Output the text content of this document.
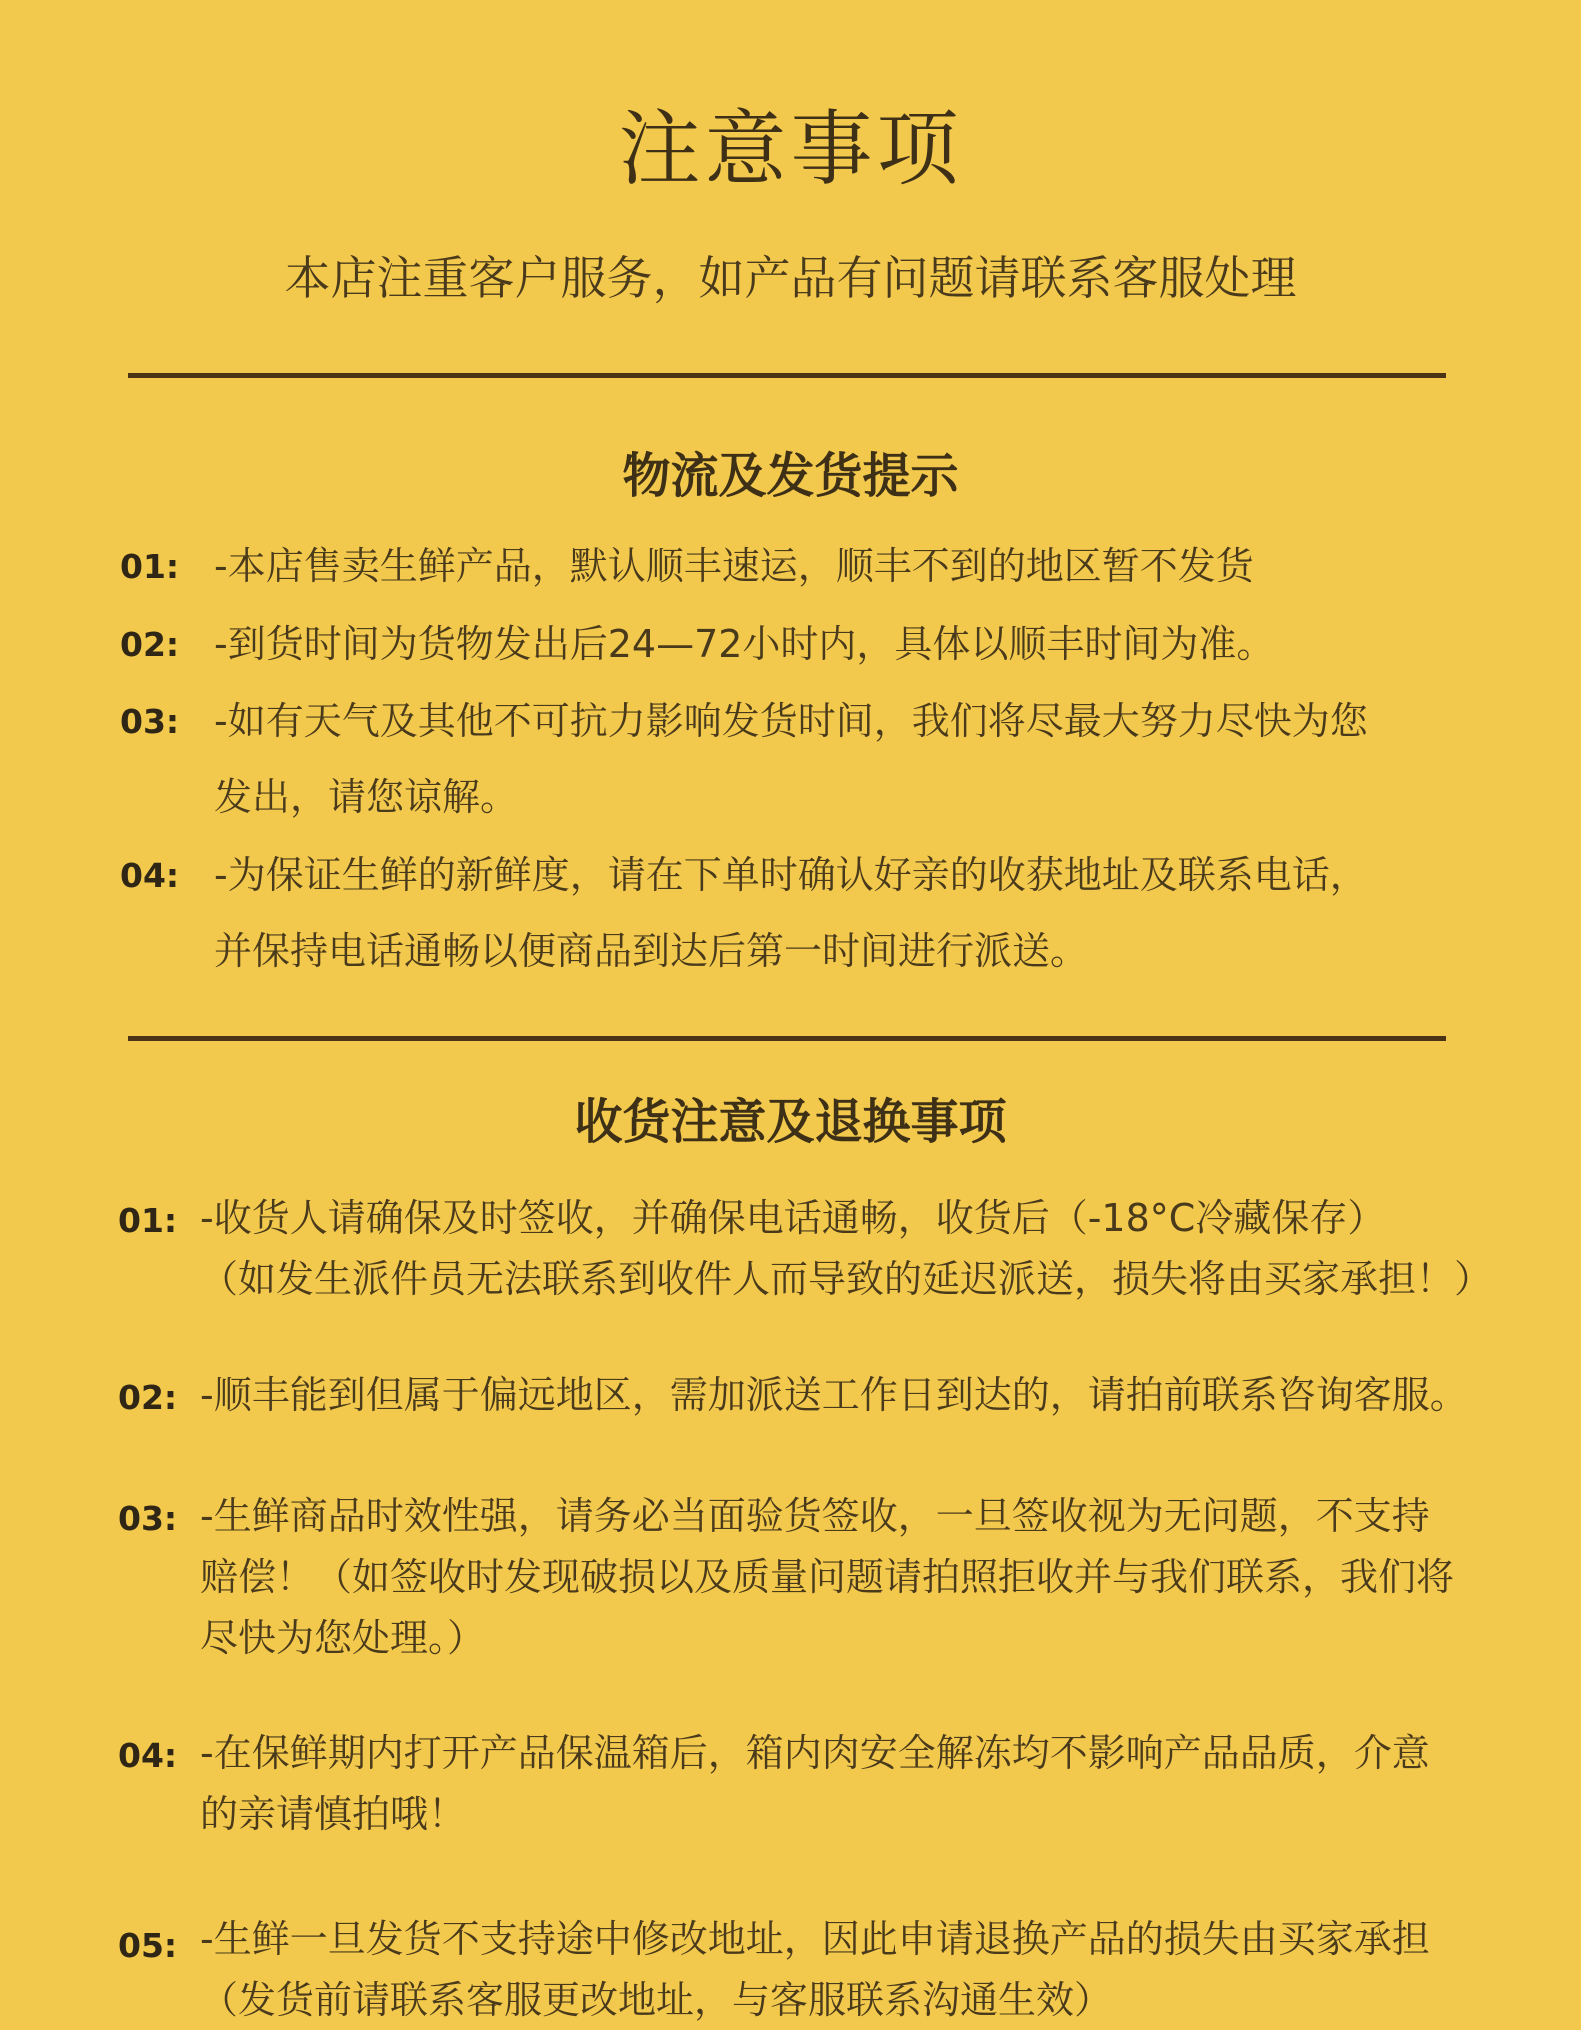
注意事项
本店注重客户服务，如产品有问题请联系客服处理
物流及发货提示
01: -本店售卖生鲜产品，默认顺丰速运，顺丰不到的地区暂不发货
02: -到货时间为货物发出后24—72小时内，具体以顺丰时间为准。
03: -如有天气及其他不可抗力影响发货时间，我们将尽最大努力尽快为您
发出，请您谅解。
04: -为保证生鲜的新鲜度，请在下单时确认好亲的收获地址及联系电话，
并保持电话通畅以便商品到达后第一时间进行派送。
收货注意及退换事项
01: -收货人请确保及时签收，并确保电话通畅，收货后（-18°C冷藏保存）
（如发生派件员无法联系到收件人而导致的延迟派送，损失将由买家承担！）
02: -顺丰能到但属于偏远地区，需加派送工作日到达的，请拍前联系咨询客服。
03: -生鲜商品时效性强，请务必当面验货签收，一旦签收视为无问题，不支持
赔偿！（如签收时发现破损以及质量问题请拍照拒收并与我们联系，我们将
尽快为您处理。）
04: -在保鲜期内打开产品保温箱后，箱内肉安全解冻均不影响产品品质，介意
的亲请慎拍哦！
05: -生鲜一旦发货不支持途中修改地址，因此申请退换产品的损失由买家承担
（发货前请联系客服更改地址，与客服联系沟通生效）
